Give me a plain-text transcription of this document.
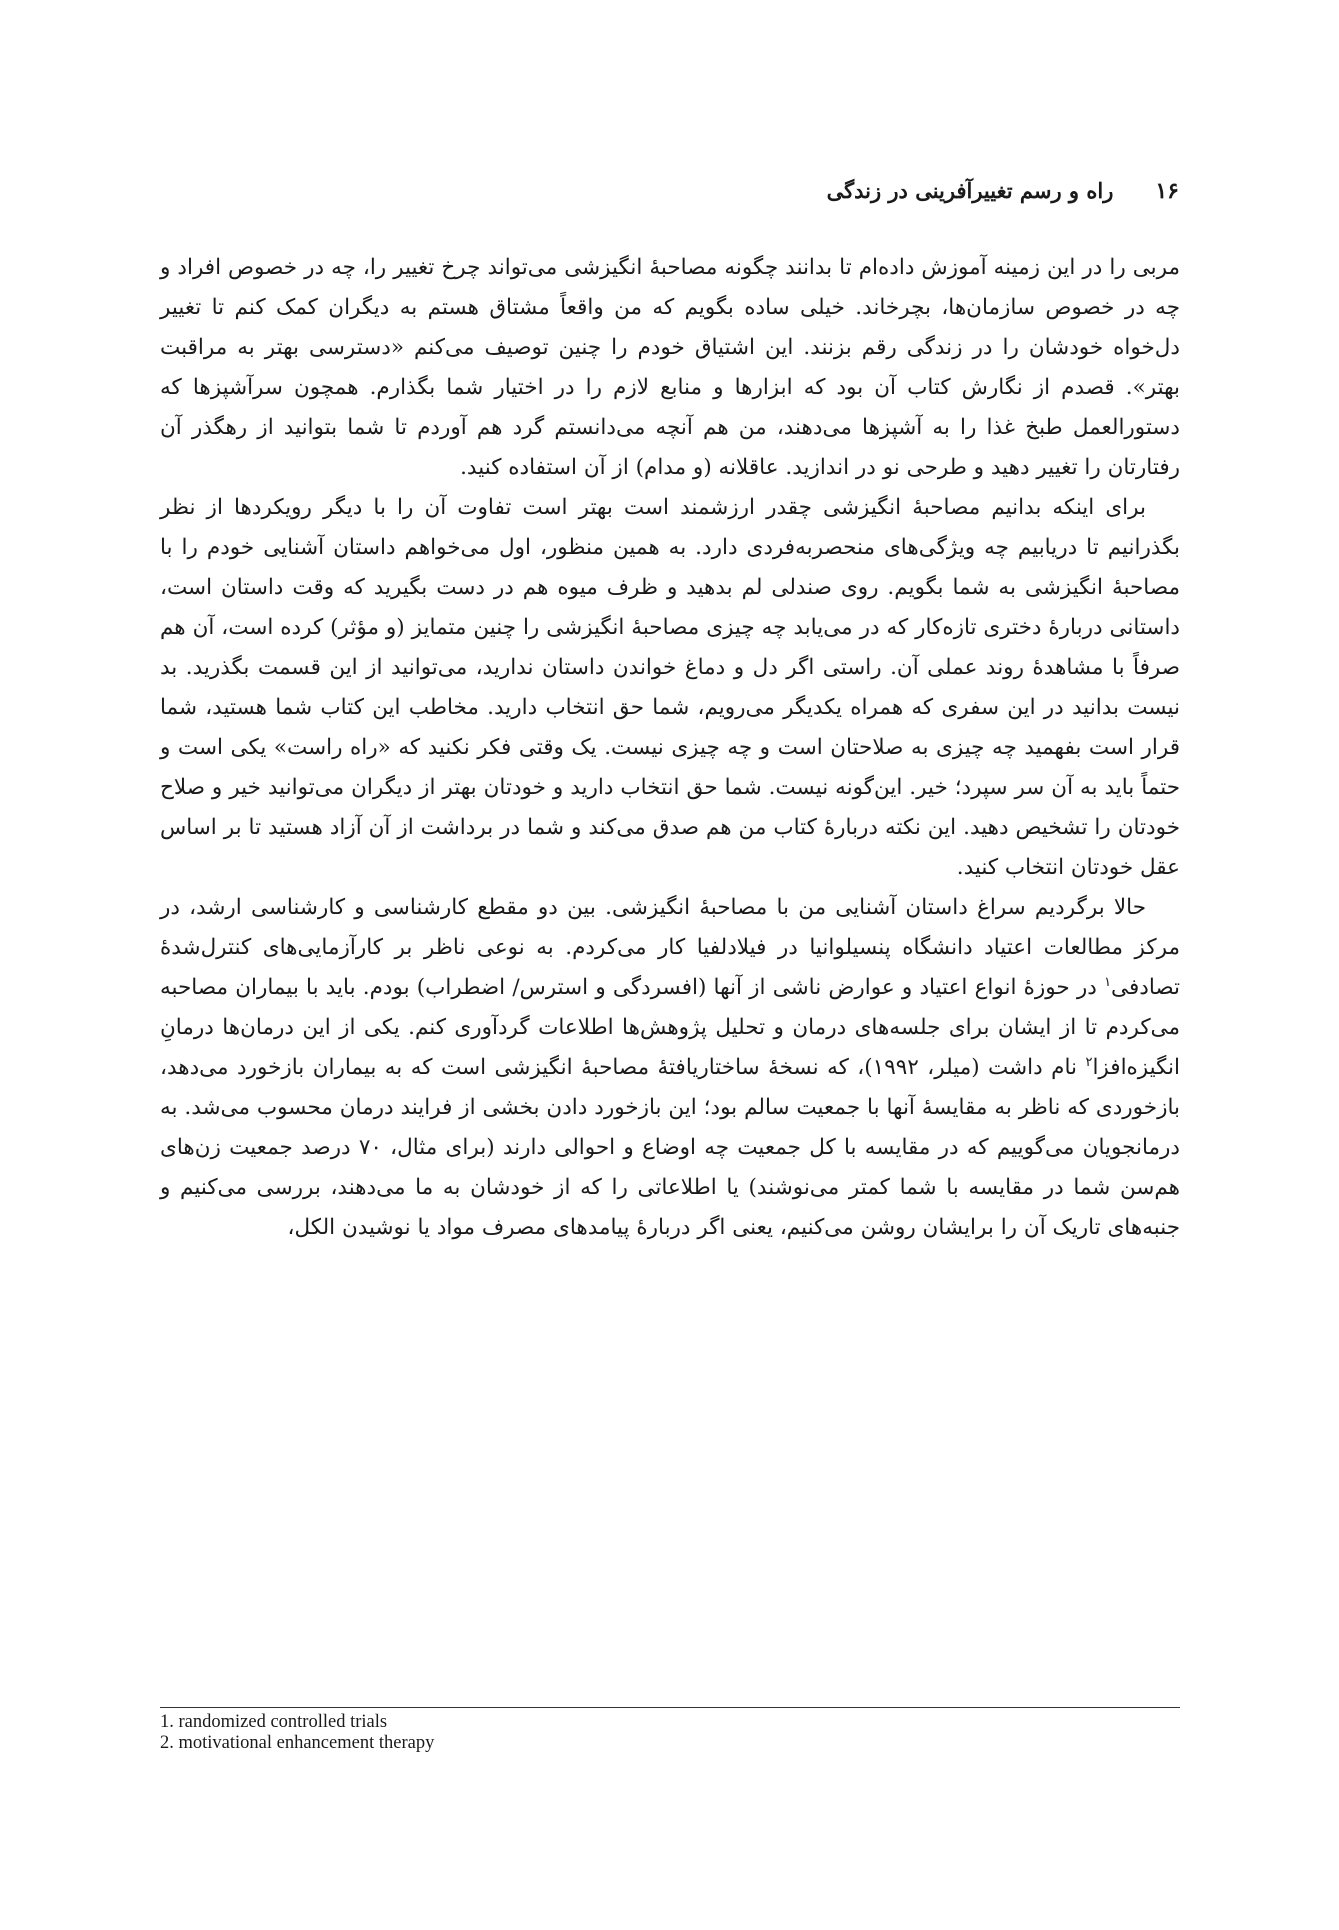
۱۶
راه و رسم تغییرآفرینی در زندگی

مربی را در این زمینه آموزش داده‌ام تا بدانند چگونه مصاحبهٔ انگیزشی می‌تواند چرخ تغییر را، چه در خصوص افراد و چه در خصوص سازمان‌ها، بچرخاند. خیلی ساده بگویم که من واقعاً مشتاق هستم به دیگران کمک کنم تا تغییر دل‌خواه خودشان را در زندگی رقم بزنند. این اشتیاق خودم را چنین توصیف می‌کنم «دسترسی بهتر به مراقبت بهتر». قصدم از نگارش کتاب آن بود که ابزارها و منابع لازم را در اختیار شما بگذارم. همچون سرآشپزها که دستورالعمل طبخ غذا را به آشپزها می‌دهند، من هم آنچه می‌دانستم گرد هم آوردم تا شما بتوانید از رهگذر آن رفتارتان را تغییر دهید و طرحی نو در اندازید. عاقلانه (و مدام) از آن استفاده کنید.

برای اینکه بدانیم مصاحبهٔ انگیزشی چقدر ارزشمند است بهتر است تفاوت آن را با دیگر رویکردها از نظر بگذرانیم تا دریابیم چه ویژگی‌های منحصربه‌فردی دارد. به همین منظور، اول می‌خواهم داستان آشنایی خودم را با مصاحبهٔ انگیزشی به شما بگویم. روی صندلی لم بدهید و ظرف میوه هم در دست بگیرید که وقت داستان است، داستانی دربارهٔ دختری تازه‌کار که در می‌یابد چه چیزی مصاحبهٔ انگیزشی را چنین متمایز (و مؤثر) کرده است، آن هم صرفاً با مشاهدهٔ روند عملی آن. راستی اگر دل و دماغ خواندن داستان ندارید، می‌توانید از این قسمت بگذرید. بد نیست بدانید در این سفری که همراه یکدیگر می‌رویم، شما حق انتخاب دارید. مخاطب این کتاب شما هستید، شما قرار است بفهمید چه چیزی به صلاحتان است و چه چیزی نیست. یک وقتی فکر نکنید که «راه راست» یکی است و حتماً باید به آن سر سپرد؛ خیر. این‌گونه نیست. شما حق انتخاب دارید و خودتان بهتر از دیگران می‌توانید خیر و صلاح خودتان را تشخیص دهید. این نکته دربارهٔ کتاب من هم صدق می‌کند و شما در برداشت از آن آزاد هستید تا بر اساس عقل خودتان انتخاب کنید.

حالا برگردیم سراغ داستان آشنایی من با مصاحبهٔ انگیزشی. بین دو مقطع کارشناسی و کارشناسی ارشد، در مرکز مطالعات اعتیاد دانشگاه پنسیلوانیا در فیلادلفیا کار می‌کردم. به نوعی ناظر بر کارآزمایی‌های کنترل‌شدهٔ تصادفی$^۱$ در حوزهٔ انواع اعتیاد و عوارض ناشی از آنها (افسردگی و استرس/ اضطراب) بودم. باید با بیماران مصاحبه می‌کردم تا از ایشان برای جلسه‌های درمان و تحلیل پژوهش‌ها اطلاعات گردآوری کنم. یکی از این درمان‌ها درمانِ انگیزه‌افزا$^۲$ نام داشت (میلر، ۱۹۹۲)، که نسخهٔ ساختاریافتهٔ مصاحبهٔ انگیزشی است که به بیماران بازخورد می‌دهد، بازخوردی که ناظر به مقایسهٔ آنها با جمعیت سالم بود؛ این بازخورد دادن بخشی از فرایند درمان محسوب می‌شد. به درمانجویان می‌گوییم که در مقایسه با کل جمعیت چه اوضاع و احوالی دارند (برای مثال، ۷۰ درصد جمعیت زن‌های هم‌سن شما در مقایسه با شما کمتر می‌نوشند) یا اطلاعاتی را که از خودشان به ما می‌دهند، بررسی می‌کنیم و جنبه‌های تاریک آن را برایشان روشن می‌کنیم، یعنی اگر دربارهٔ پیامدهای مصرف مواد یا نوشیدن الکل،

1. randomized controlled trials

2. motivational enhancement therapy
